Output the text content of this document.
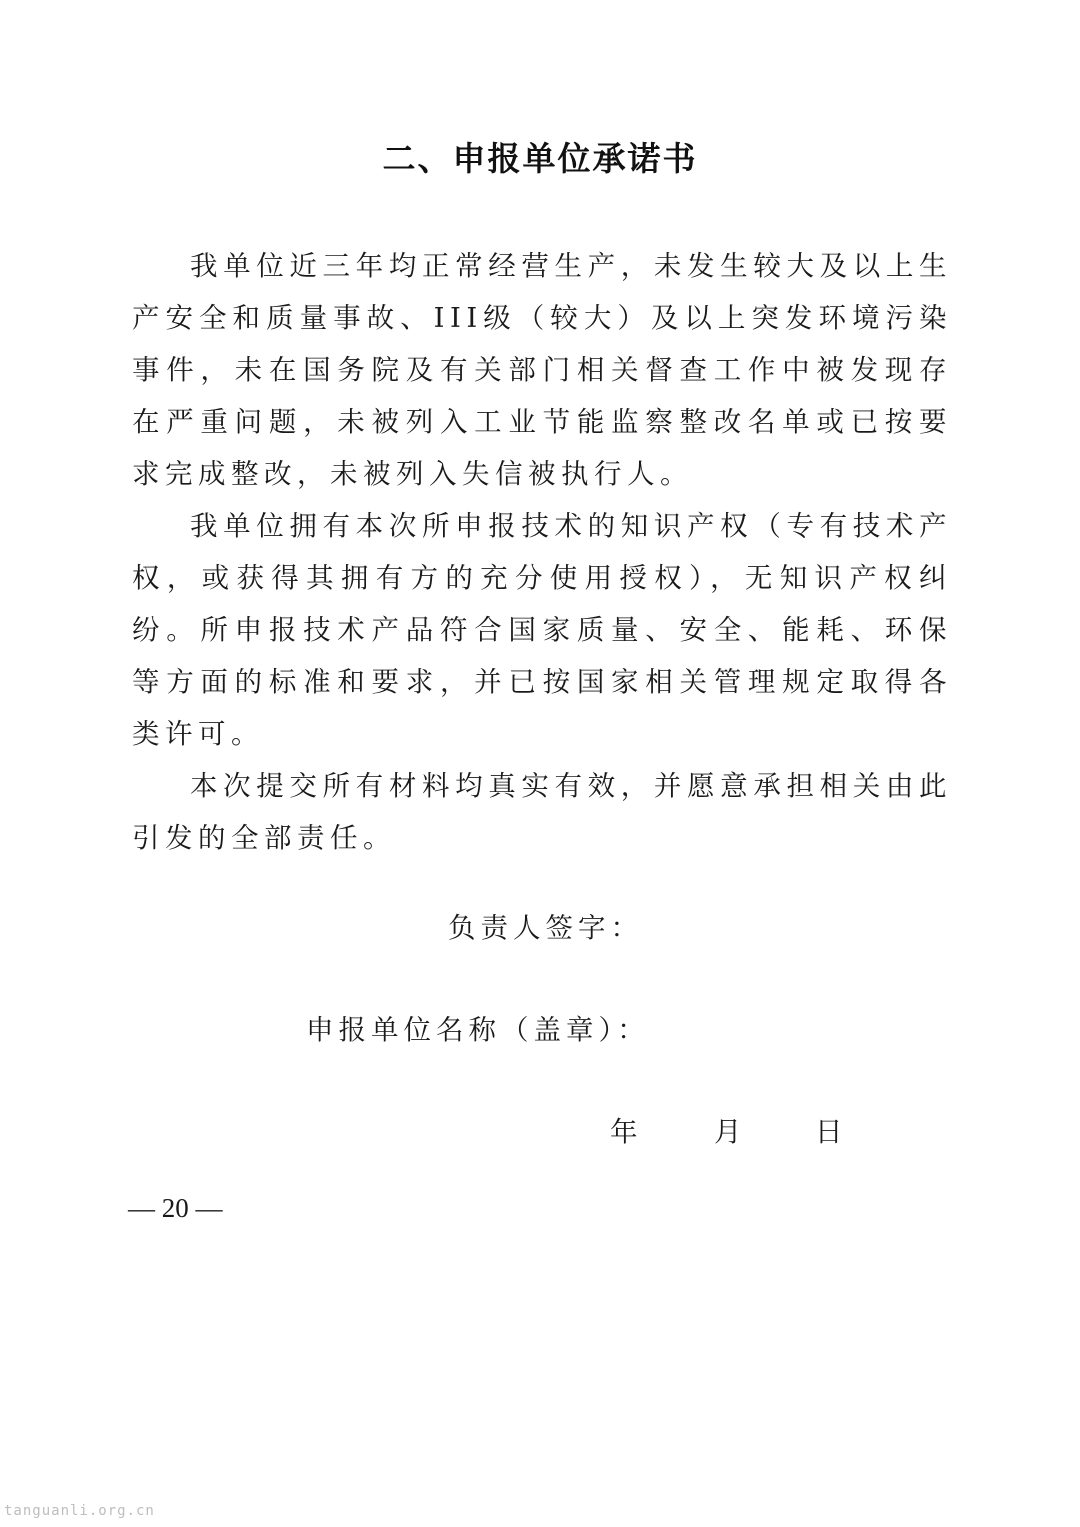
二、申报单位承诺书

我单位近三年均正常经营生产，未发生较大及以上生产安全和质量事故、III级（较大）及以上突发环境污染事件，未在国务院及有关部门相关督查工作中被发现存在严重问题，未被列入工业节能监察整改名单或已按要求完成整改，未被列入失信被执行人。

我单位拥有本次所申报技术的知识产权（专有技术产权，或获得其拥有方的充分使用授权），无知识产权纠纷。所申报技术产品符合国家质量、安全、能耗、环保等方面的标准和要求，并已按国家相关管理规定取得各类许可。

本次提交所有材料均真实有效，并愿意承担相关由此引发的全部责任。

负责人签字：
申报单位名称（盖章）：
年	月 日
— 20 —
tanguanli.org.cn
